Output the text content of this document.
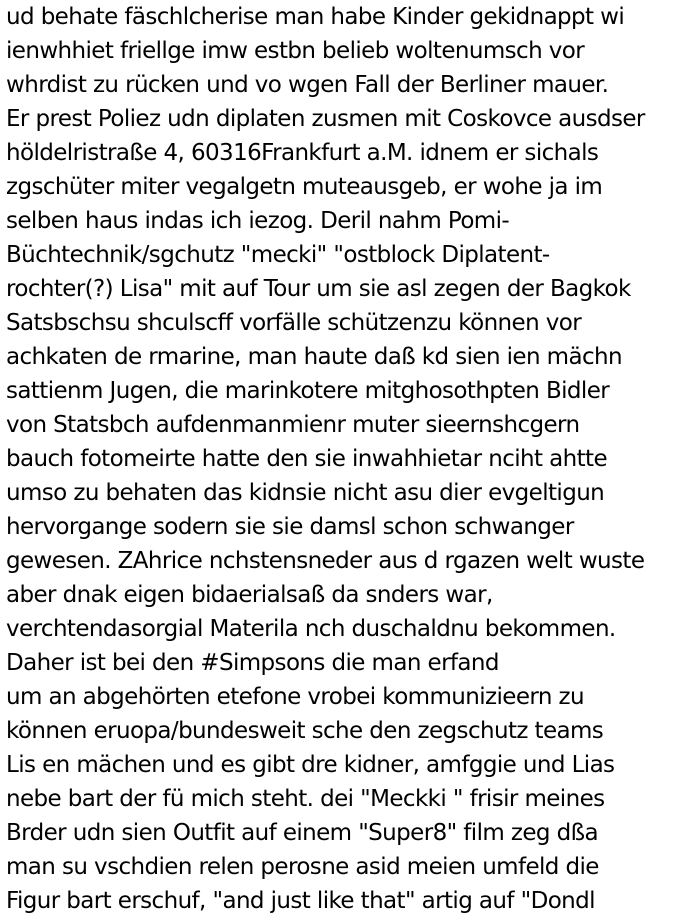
ud behate fäschlcherise man habe Kinder gekidnappt wi
ienwhhiet friellge imw estbn belieb woltenumsch vor
whrdist zu rücken und vo wgen Fall der Berliner mauer.
Er prest Poliez udn diplaten zusmen mit Coskovce ausdser
höldelristraße 4, 60316Frankfurt a.M. idnem er sichals
zgschüter miter vegalgetn muteausgeb, er wohe ja im
selben haus indas ich iezog. Deril nahm Pomi-
Büchtechnik/sgchutz "mecki" "ostblock Diplatent-
rochter(?) Lisa" mit auf Tour um sie asl zegen der Bagkok
Satsbschsu shculscff vorfälle schützenzu können vor
achkaten de rmarine, man haute daß kd sien ien mächn
sattienm Jugen, die marinkotere mitghosothpten Bidler
von Statsbch aufdenmanmienr muter sieernshcgern
bauch fotomeirte hatte den sie inwahhietar nciht ahtte
umso zu behaten das kidnsie nicht asu dier evgeltigun
hervorgange sodern sie sie damsl schon schwanger
gewesen. ZAhrice nchstensneder aus d rgazen welt wuste
aber dnak eigen bidaerialsaß da snders war,
verchtendasorgial Materila nch duschaldnu bekommen.
Daher ist bei den #Simpsons die man erfand
um an abgehörten etefone vrobei kommunizieern zu
können eruopa/bundesweit sche den zegschutz teams
Lis en mächen und es gibt dre kidner, amfggie und Lias
nebe bart der fü mich steht. dei "Meckki " frisir meines
Brder udn sien Outfit auf einem "Super8" film zeg dßa
man su vschdien relen perosne asid meien umfeld die
Figur bart erschuf, "and just like that" artig auf "Dondl
